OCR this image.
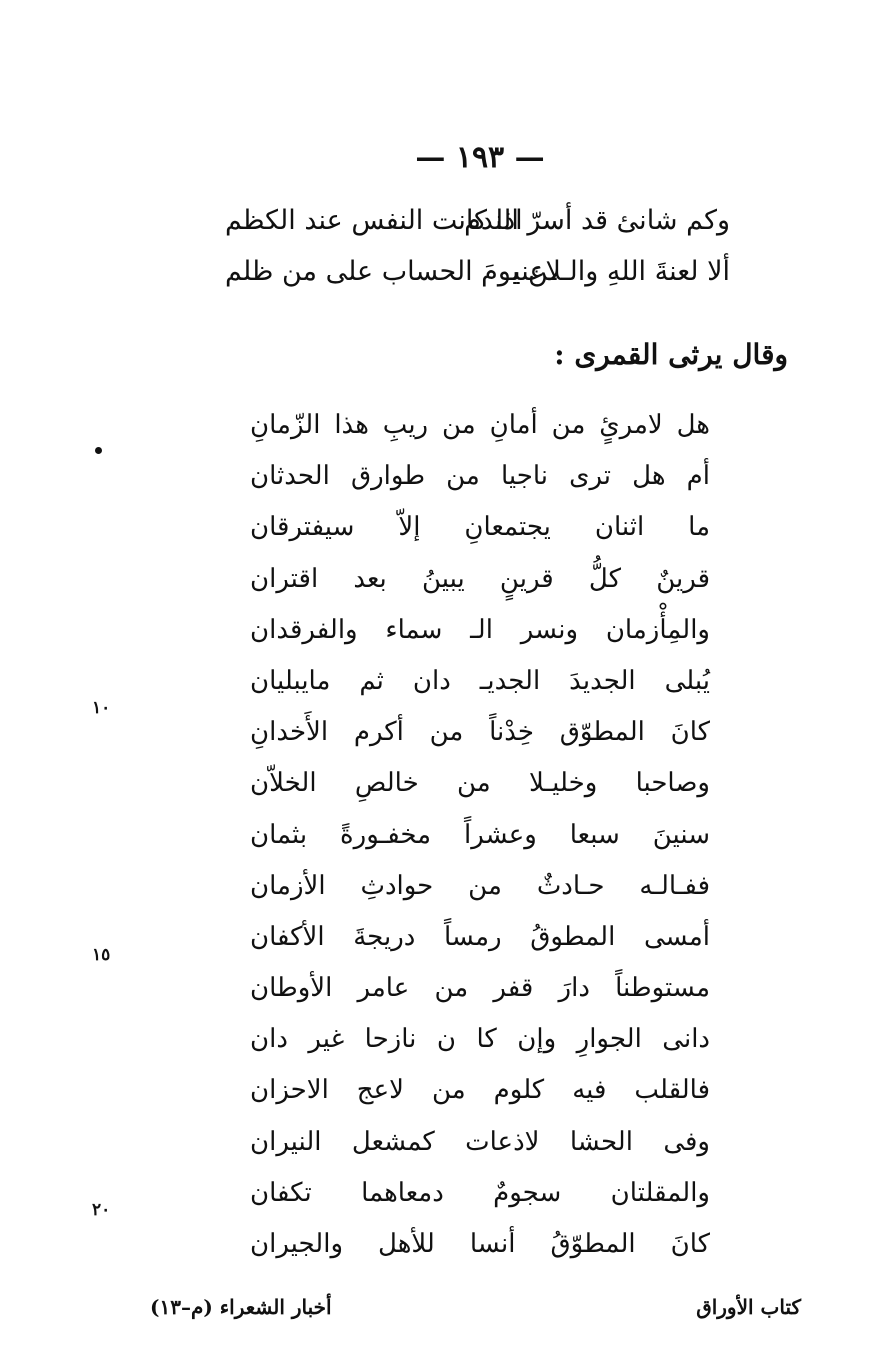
— ١٩٣ —
وكم شانئ قد أسرّ الندم
اذا كانت النفس عند الكظم
ألا لعنةَ اللهِ والـلاعنيـ
ـنَ يومَ الحساب على من ظلم
وقال يرثى القمرى :
هل لامرئٍ من أمانِ من ريبِ هذا الزّمانِ
أم هل ترى ناجيا من طوارق الحدثان
ما اثنان يجتمعانِ إلاّ سيفترقان
قرينٌ كلُّ قرينٍ يبينُ بعد اقتران
والمِأْزمان ونسر الـ سماء والفرقدان
يُبلى الجديدَ الجديـ دان ثم مايبليان
كانَ المطوّق خِدْناً من أكرم الأَخدانِ
وصاحبا وخليـلا من خالصِ الخلاّن
سنينَ سبعا وعشراً مخفـورةً بثمان
ففـالـه حـادثٌ من حوادثِ الأزمان
أمسى المطوقُ رمساً دريجةَ الأكفان
مستوطناً دارَ قفر من عامر الأوطان
دانى الجوارِ وإن كا ن نازحا غير دان
فالقلب فيه كلوم من لاعج الاحزان
وفى الحشا لاذعات كمشعل النيران
والمقلتان سجومٌ دمعاهما تكفان
كانَ المطوّقُ أنسا للأهل والجيران
١٠
١٥
٢٠
أخبار الشعراء (م–١٣)	كتاب الأوراق
